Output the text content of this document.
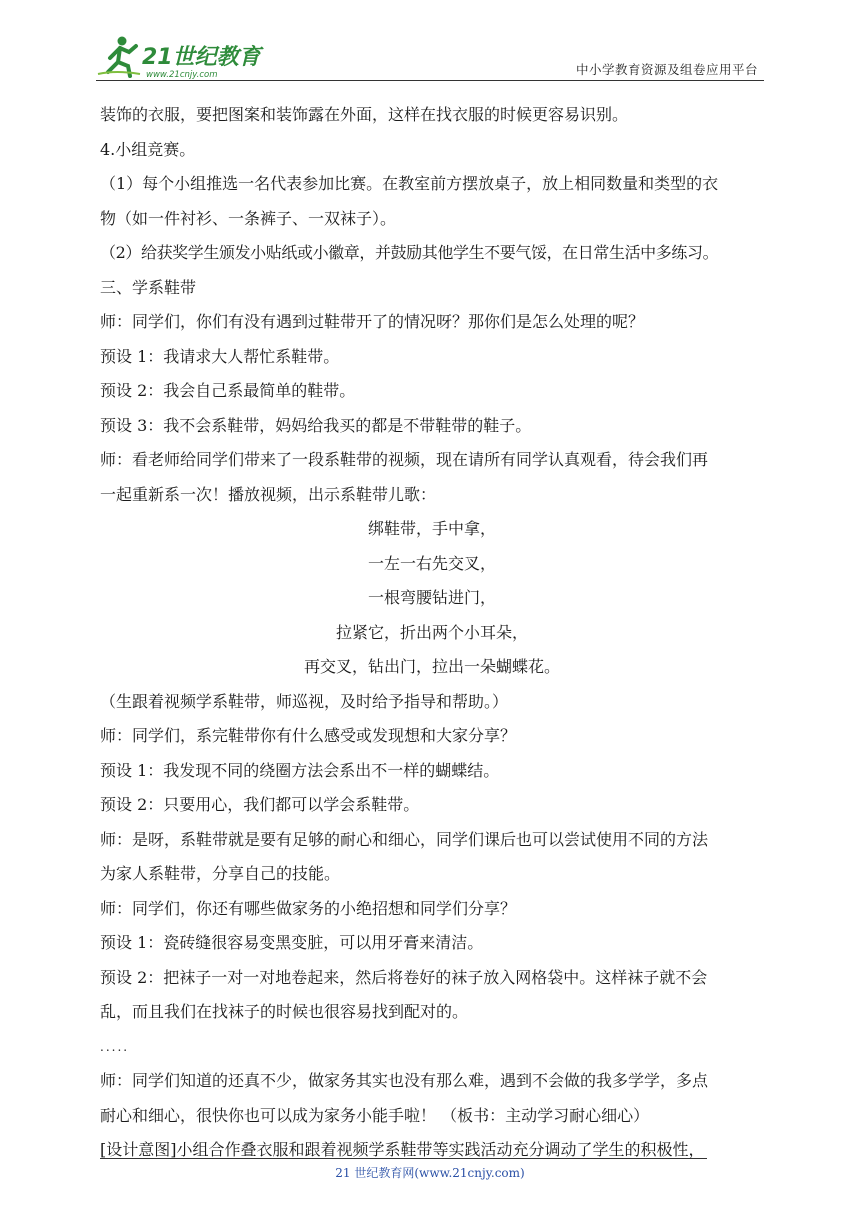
21世纪教育
www.21cnjy.com	中小学教育资源及组卷应用平台

装饰的衣服，要把图案和装饰露在外面，这样在找衣服的时候更容易识别。

4.小组竞赛。

（1）每个小组推选一名代表参加比赛。在教室前方摆放桌子，放上相同数量和类型的衣

物（如一件衬衫、一条裤子、一双袜子）。

（2）给获奖学生颁发小贴纸或小徽章，并鼓励其他学生不要气馁，在日常生活中多练习。

三、学系鞋带

师：同学们，你们有没有遇到过鞋带开了的情况呀？那你们是怎么处理的呢？

预设 1：我请求大人帮忙系鞋带。

预设 2：我会自己系最简单的鞋带。

预设 3：我不会系鞋带，妈妈给我买的都是不带鞋带的鞋子。

师：看老师给同学们带来了一段系鞋带的视频，现在请所有同学认真观看，待会我们再

一起重新系一次！播放视频，出示系鞋带儿歌：

绑鞋带，手中拿，

一左一右先交叉，

一根弯腰钻进门，

拉紧它，折出两个小耳朵，

再交叉，钻出门，拉出一朵蝴蝶花。

（生跟着视频学系鞋带，师巡视，及时给予指导和帮助。）

师：同学们，系完鞋带你有什么感受或发现想和大家分享？

预设 1：我发现不同的绕圈方法会系出不一样的蝴蝶结。

预设 2：只要用心，我们都可以学会系鞋带。

师：是呀，系鞋带就是要有足够的耐心和细心，同学们课后也可以尝试使用不同的方法

为家人系鞋带，分享自己的技能。

师：同学们，你还有哪些做家务的小绝招想和同学们分享？

预设 1：瓷砖缝很容易变黑变脏，可以用牙膏来清洁。

预设 2：把袜子一对一对地卷起来，然后将卷好的袜子放入网格袋中。这样袜子就不会

乱，而且我们在找袜子的时候也很容易找到配对的。

.....

师：同学们知道的还真不少，做家务其实也没有那么难，遇到不会做的我多学学，多点

耐心和细心，很快你也可以成为家务小能手啦！ （板书：主动学习耐心细心）

[设计意图]小组合作叠衣服和跟着视频学系鞋带等实践活动充分调动了学生的积极性，

21 世纪教育网(www.21cnjy.com)
